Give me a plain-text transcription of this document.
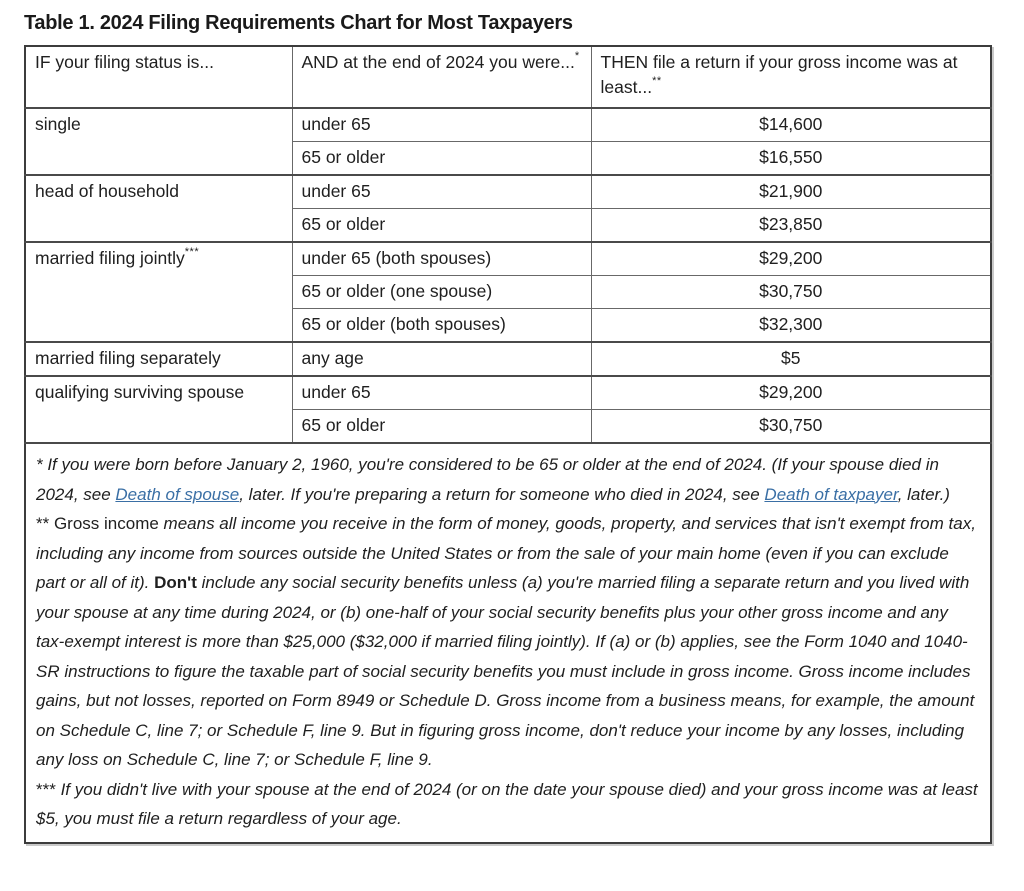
Table 1. 2024 Filing Requirements Chart for Most Taxpayers
IF your filing status is...	AND at the end of 2024 you were...*	THEN file a return if your gross income was at least...**
single	under 65	$14,600
	65 or older	$16,550
head of household	under 65	$21,900
	65 or older	$23,850
married filing jointly***	under 65 (both spouses)	$29,200
	65 or older (one spouse)	$30,750
	65 or older (both spouses)	$32,300
married filing separately	any age	$5
qualifying surviving spouse	under 65	$29,200
	65 or older	$30,750

* If you were born before January 2, 1960, you're considered to be 65 or older at the end of 2024. (If your spouse died in 2024, see Death of spouse, later. If you're preparing a return for someone who died in 2024, see Death of taxpayer, later.)
** Gross income means all income you receive in the form of money, goods, property, and services that isn't exempt from tax, including any income from sources outside the United States or from the sale of your main home (even if you can exclude part or all of it). Don't include any social security benefits unless (a) you're married filing a separate return and you lived with your spouse at any time during 2024, or (b) one-half of your social security benefits plus your other gross income and any tax-exempt interest is more than $25,000 ($32,000 if married filing jointly). If (a) or (b) applies, see the Form 1040 and 1040-SR instructions to figure the taxable part of social security benefits you must include in gross income. Gross income includes gains, but not losses, reported on Form 8949 or Schedule D. Gross income from a business means, for example, the amount on Schedule C, line 7; or Schedule F, line 9. But in figuring gross income, don't reduce your income by any losses, including any loss on Schedule C, line 7; or Schedule F, line 9.
*** If you didn't live with your spouse at the end of 2024 (or on the date your spouse died) and your gross income was at least $5, you must file a return regardless of your age.		
